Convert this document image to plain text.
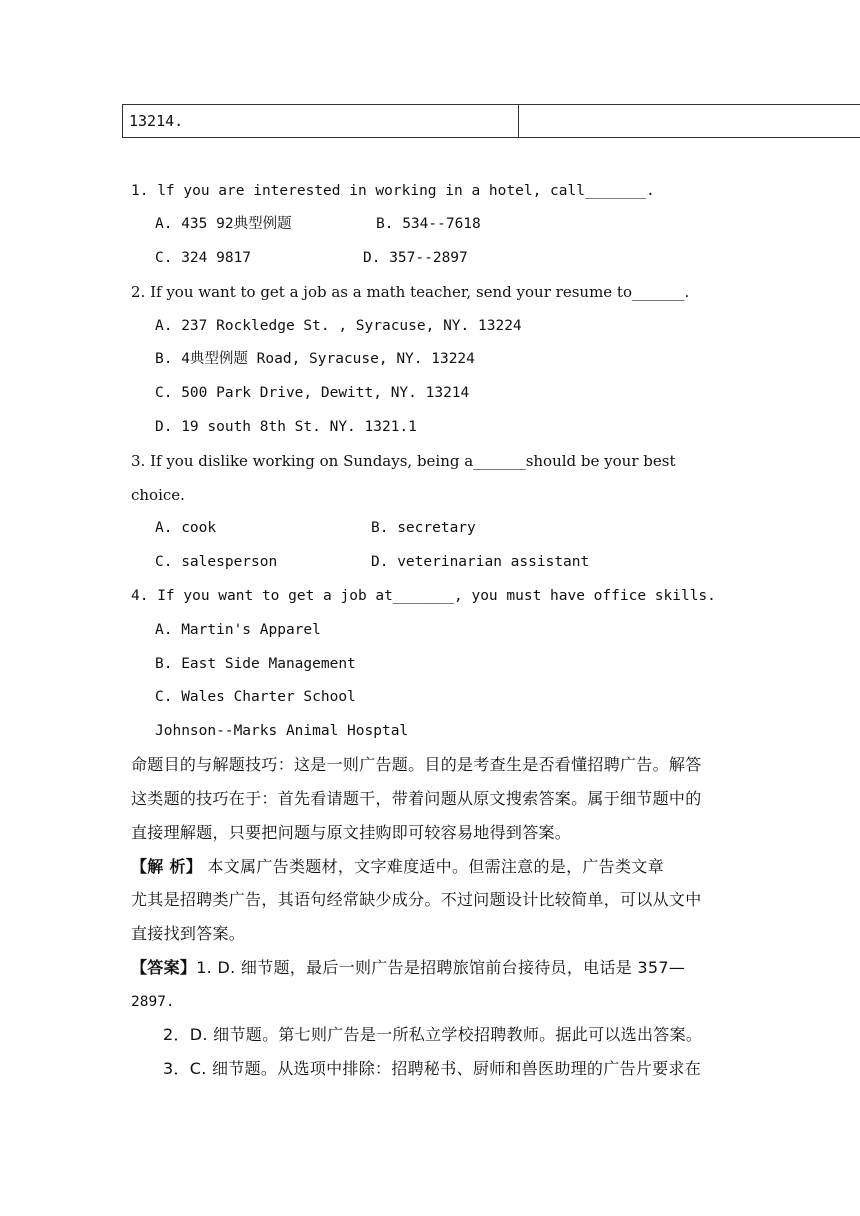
13214.
1. lf you are interested in working in a hotel, call_______.
A. 435 92典型例题	B. 534--7618
C. 324 9817	D. 357--2897
2. If you want to get a job as a math teacher, send your resume to_______.
A. 237 Rockledge St. , Syracuse, NY. 13224
B. 4典型例题 Road, Syracuse, NY. 13224
C. 500 Park Drive, Dewitt, NY. 13214
D. 19 south 8th St. NY. 1321.1
3. If you dislike working on Sundays, being a_______should be your best
choice.
A. cook	B. secretary
C. salesperson	D. veterinarian assistant
4. If you want to get a job at_______, you must have office skills.
A. Martin's Apparel
B. East Side Management
C. Wales Charter School
Johnson--Marks Animal Hosptal
命题目的与解题技巧：这是一则广告题。目的是考查生是否看懂招聘广告。解答
这类题的技巧在于：首先看请题干，带着问题从原文搜索答案。属于细节题中的
直接理解题，只要把问题与原文挂购即可较容易地得到答案。
【解 析】 本文属广告类题材，文字难度适中。但需注意的是，广告类文章
尤其是招聘类广告，其语句经常缺少成分。不过问题设计比较简单，可以从文中
直接找到答案。
【答案】1. D. 细节题，最后一则广告是招聘旅馆前台接待员，电话是 357—
2897.
2．D. 细节题。第七则广告是一所私立学校招聘教师。据此可以选出答案。
3．C. 细节题。从选项中排除：招聘秘书、厨师和兽医助理的广告片要求在
